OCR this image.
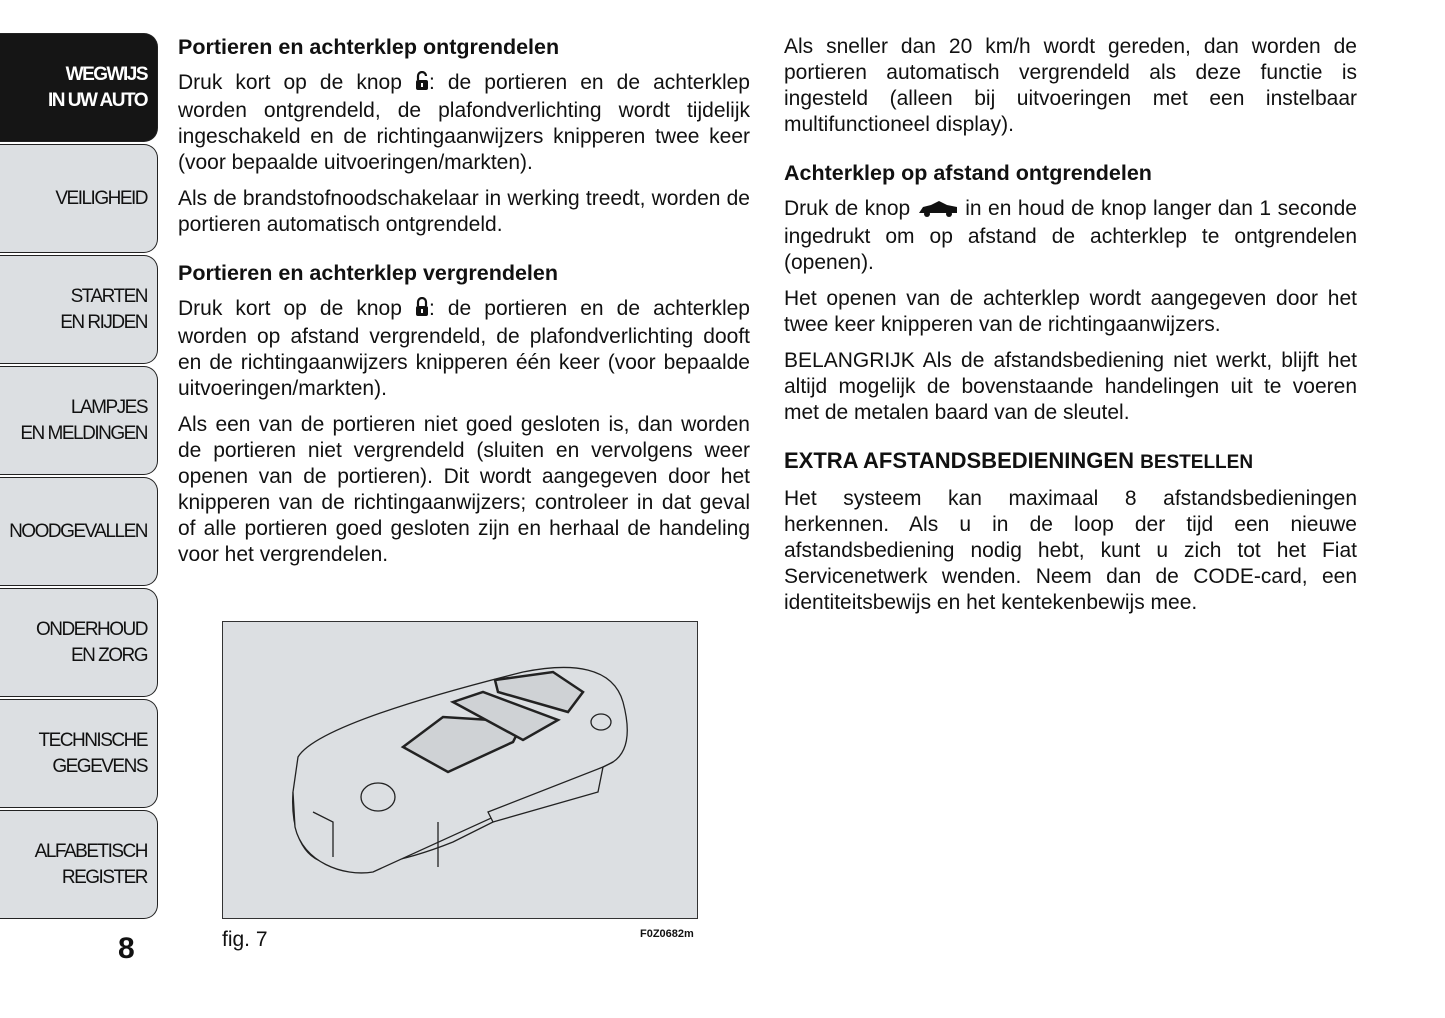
WEGWIJS
IN UW AUTO
VEILIGHEID
STARTEN
EN RIJDEN
LAMPJES
EN MELDINGEN
NOODGEVALLEN
ONDERHOUD
EN ZORG
TECHNISCHE
GEGEVENS
ALFABETISCH
REGISTER
8
Portieren en achterklep ontgrendelen

Druk kort op de knop : de portieren en de achterklep worden ontgrendeld, de plafondverlichting wordt tijdelijk ingeschakeld en de richtingaanwijzers knipperen twee keer (voor bepaalde uitvoeringen/markten).

Als de brandstofnoodschakelaar in werking treedt, worden de portieren automatisch ontgrendeld.

Portieren en achterklep vergrendelen

Druk kort op de knop : de portieren en de achterklep worden op afstand vergrendeld, de plafondverlichting dooft en de richtingaanwijzers knipperen één keer (voor bepaalde uitvoeringen/markten).

Als een van de portieren niet goed gesloten is, dan worden de portieren niet vergrendeld (sluiten en vervolgens weer openen van de portieren). Dit wordt aangegeven door het knipperen van de richtingaanwijzers; controleer in dat geval of alle portieren goed gesloten zijn en herhaal de handeling voor het vergrendelen.

fig. 7	F0Z0682m

Als sneller dan 20 km/h wordt gereden, dan worden de portieren automatisch vergrendeld als deze functie is ingesteld (alleen bij uitvoeringen met een instelbaar multifunctioneel display).

Achterklep op afstand ontgrendelen

Druk de knop  in en houd de knop langer dan 1 seconde ingedrukt om op afstand de achterklep te ontgrendelen (openen).

Het openen van de achterklep wordt aangegeven door het twee keer knipperen van de richtingaanwijzers.

BELANGRIJK Als de afstandsbediening niet werkt, blijft het altijd mogelijk de bovenstaande handelingen uit te voeren met de metalen baard van de sleutel.

EXTRA AFSTANDSBEDIENINGEN BESTELLEN

Het systeem kan maximaal 8 afstandsbedieningen herkennen. Als u in de loop der tijd een nieuwe afstandsbediening nodig hebt, kunt u zich tot het Fiat Servicenetwerk wenden. Neem dan de CODE-card, een identiteitsbewijs en het kentekenbewijs mee.
